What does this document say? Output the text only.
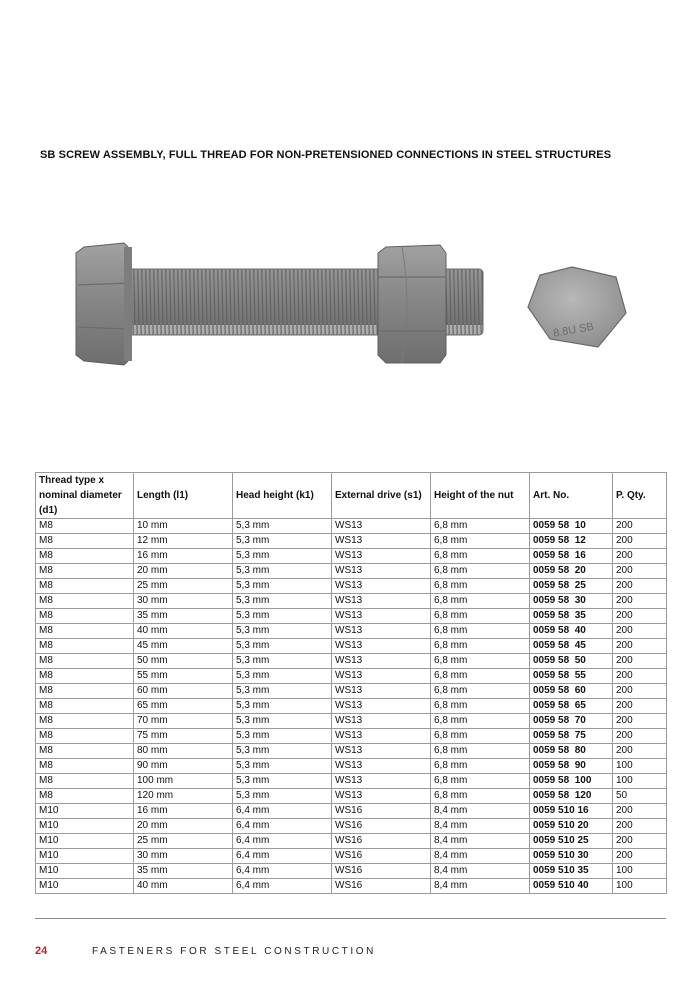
SB SCREW ASSEMBLY, FULL THREAD FOR NON-PRETENSIONED CONNECTIONS IN STEEL STRUCTURES
8.8U SB
Thread type x nominal diameter (d1)	Length (l1)	Head height (k1)	External drive (s1)	Height of the nut	Art. No.	P. Qty.
M8	10 mm	5,3 mm	WS13	6,8 mm	0059 58  10	200
M8	12 mm	5,3 mm	WS13	6,8 mm	0059 58  12	200
M8	16 mm	5,3 mm	WS13	6,8 mm	0059 58  16	200
M8	20 mm	5,3 mm	WS13	6,8 mm	0059 58  20	200
M8	25 mm	5,3 mm	WS13	6,8 mm	0059 58  25	200
M8	30 mm	5,3 mm	WS13	6,8 mm	0059 58  30	200
M8	35 mm	5,3 mm	WS13	6,8 mm	0059 58  35	200
M8	40 mm	5,3 mm	WS13	6,8 mm	0059 58  40	200
M8	45 mm	5,3 mm	WS13	6,8 mm	0059 58  45	200
M8	50 mm	5,3 mm	WS13	6,8 mm	0059 58  50	200
M8	55 mm	5,3 mm	WS13	6,8 mm	0059 58  55	200
M8	60 mm	5,3 mm	WS13	6,8 mm	0059 58  60	200
M8	65 mm	5,3 mm	WS13	6,8 mm	0059 58  65	200
M8	70 mm	5,3 mm	WS13	6,8 mm	0059 58  70	200
M8	75 mm	5,3 mm	WS13	6,8 mm	0059 58  75	200
M8	80 mm	5,3 mm	WS13	6,8 mm	0059 58  80	200
M8	90 mm	5,3 mm	WS13	6,8 mm	0059 58  90	100
M8	100 mm	5,3 mm	WS13	6,8 mm	0059 58  100	100
M8	120 mm	5,3 mm	WS13	6,8 mm	0059 58  120	50
M10	16 mm	6,4 mm	WS16	8,4 mm	0059 510 16	200
M10	20 mm	6,4 mm	WS16	8,4 mm	0059 510 20	200
M10	25 mm	6,4 mm	WS16	8,4 mm	0059 510 25	200
M10	30 mm	6,4 mm	WS16	8,4 mm	0059 510 30	200
M10	35 mm	6,4 mm	WS16	8,4 mm	0059 510 35	100
M10	40 mm	6,4 mm	WS16	8,4 mm	0059 510 40	100
24	FASTENERS FOR STEEL CONSTRUCTION
